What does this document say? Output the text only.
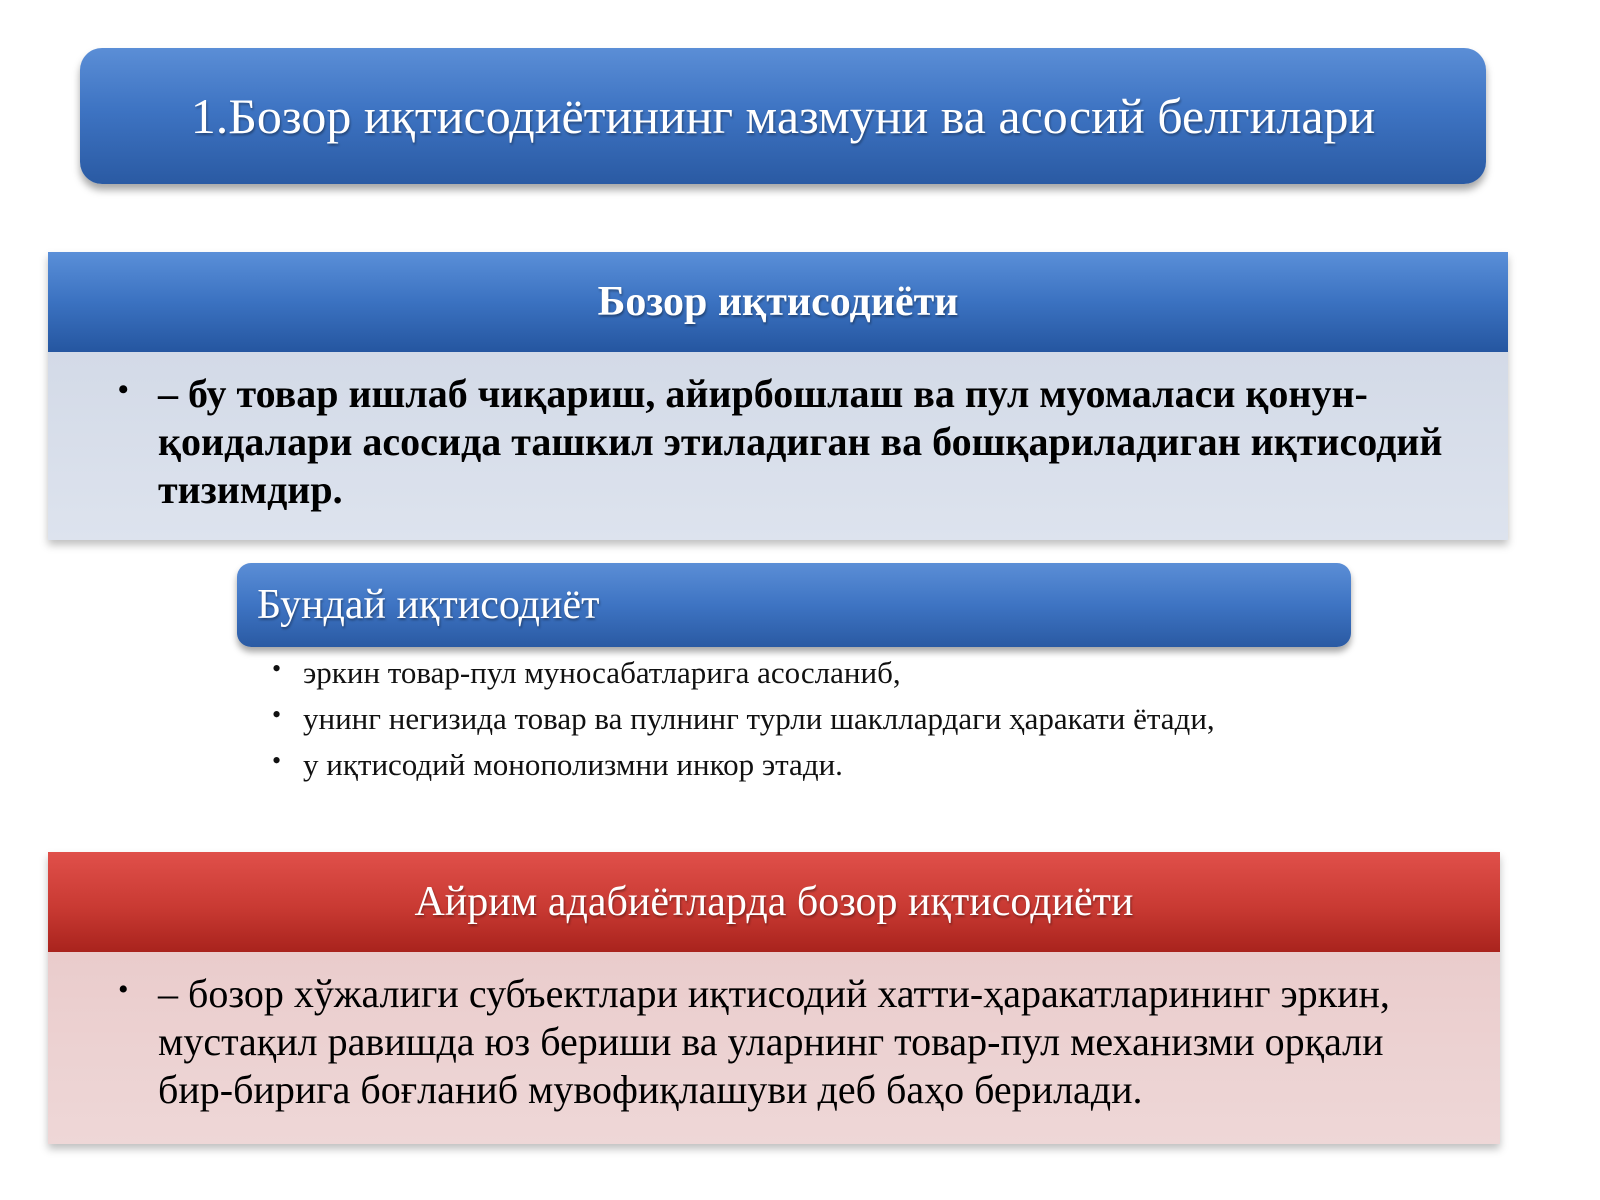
1.Бозор иқтисодиётининг мазмуни ва асосий белгилари
Бозор иқтисодиёти
• – бу товар ишлаб чиқариш, айирбошлаш ва пул муомаласи қонун-қоидалари асосида ташкил этиладиган ва бошқариладиган иқтисодий тизимдир.
Бундай иқтисодиёт
• эркин товар-пул муносабатларига асосланиб,
• унинг негизида товар ва пулнинг турли шакллардаги ҳаракати ётади,
• у иқтисодий монополизмни инкор этади.
Айрим адабиётларда бозор иқтисодиёти
• – бозор хўжалиги субъектлари иқтисодий хатти-ҳаракатларининг эркин, мустақил равишда юз бериши ва уларнинг товар-пул механизми орқали бир-бирига боғланиб мувофиқлашуви деб баҳо берилади.
